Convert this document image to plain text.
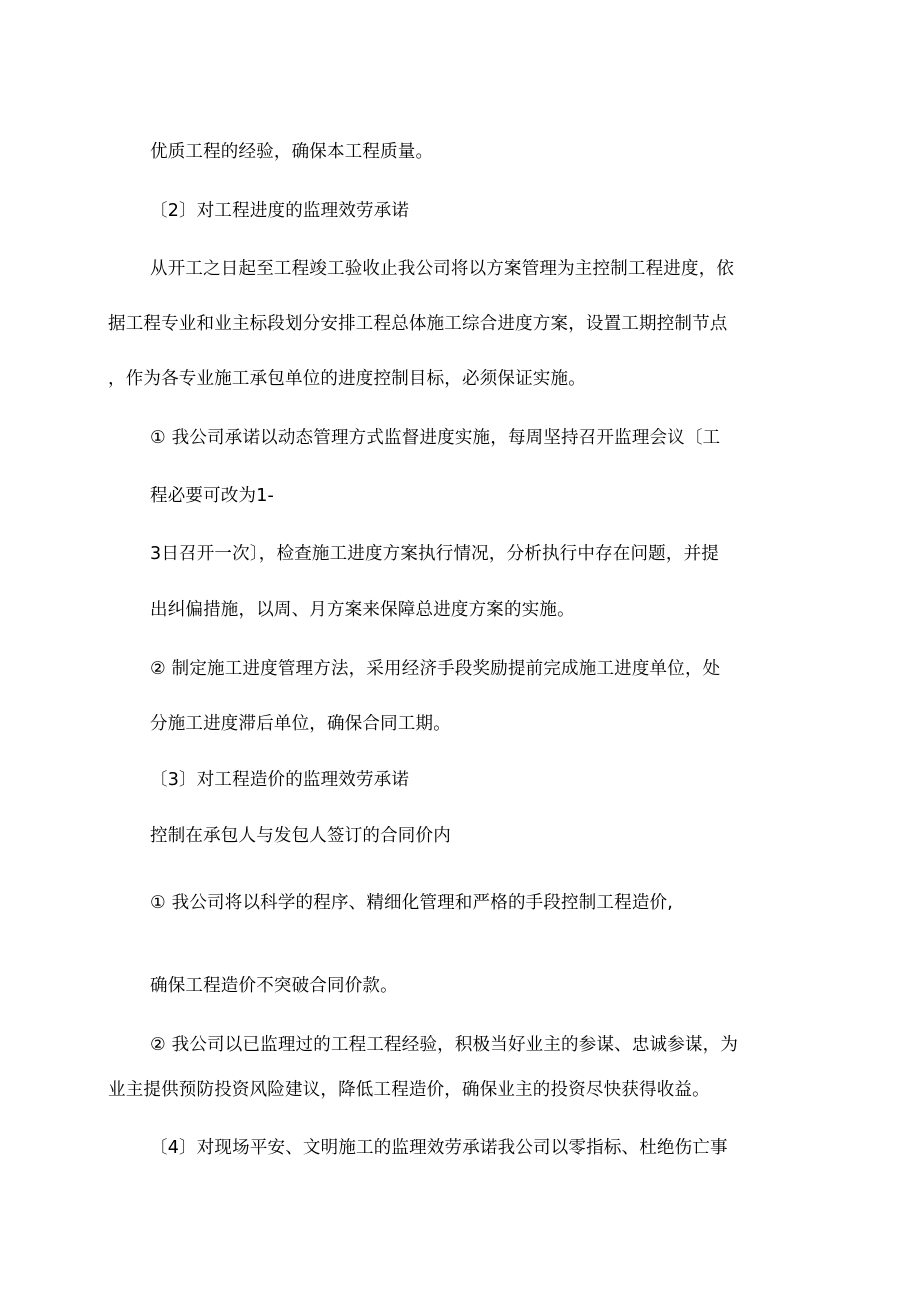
优质工程的经验，确保本工程质量。
〔2〕对工程进度的监理效劳承诺
从开工之日起至工程竣工验收止我公司将以方案管理为主控制工程进度，依
据工程专业和业主标段划分安排工程总体施工综合进度方案，设置工期控制节点
，作为各专业施工承包单位的进度控制目标，必须保证实施。
① 我公司承诺以动态管理方式监督进度实施，每周坚持召开监理会议〔工
程必要可改为1-
3日召开一次〕，检查施工进度方案执行情况，分析执行中存在问题，并提
出纠偏措施，以周、月方案来保障总进度方案的实施。
② 制定施工进度管理方法，采用经济手段奖励提前完成施工进度单位，处
分施工进度滞后单位，确保合同工期。
〔3〕对工程造价的监理效劳承诺
控制在承包人与发包人签订的合同价内
① 我公司将以科学的程序、精细化管理和严格的手段控制工程造价,
确保工程造价不突破合同价款。
② 我公司以已监理过的工程工程经验，积极当好业主的参谋、忠诚参谋，为
业主提供预防投资风险建议，降低工程造价，确保业主的投资尽快获得收益。
〔4〕对现场平安、文明施工的监理效劳承诺我公司以零指标、杜绝伤亡事
